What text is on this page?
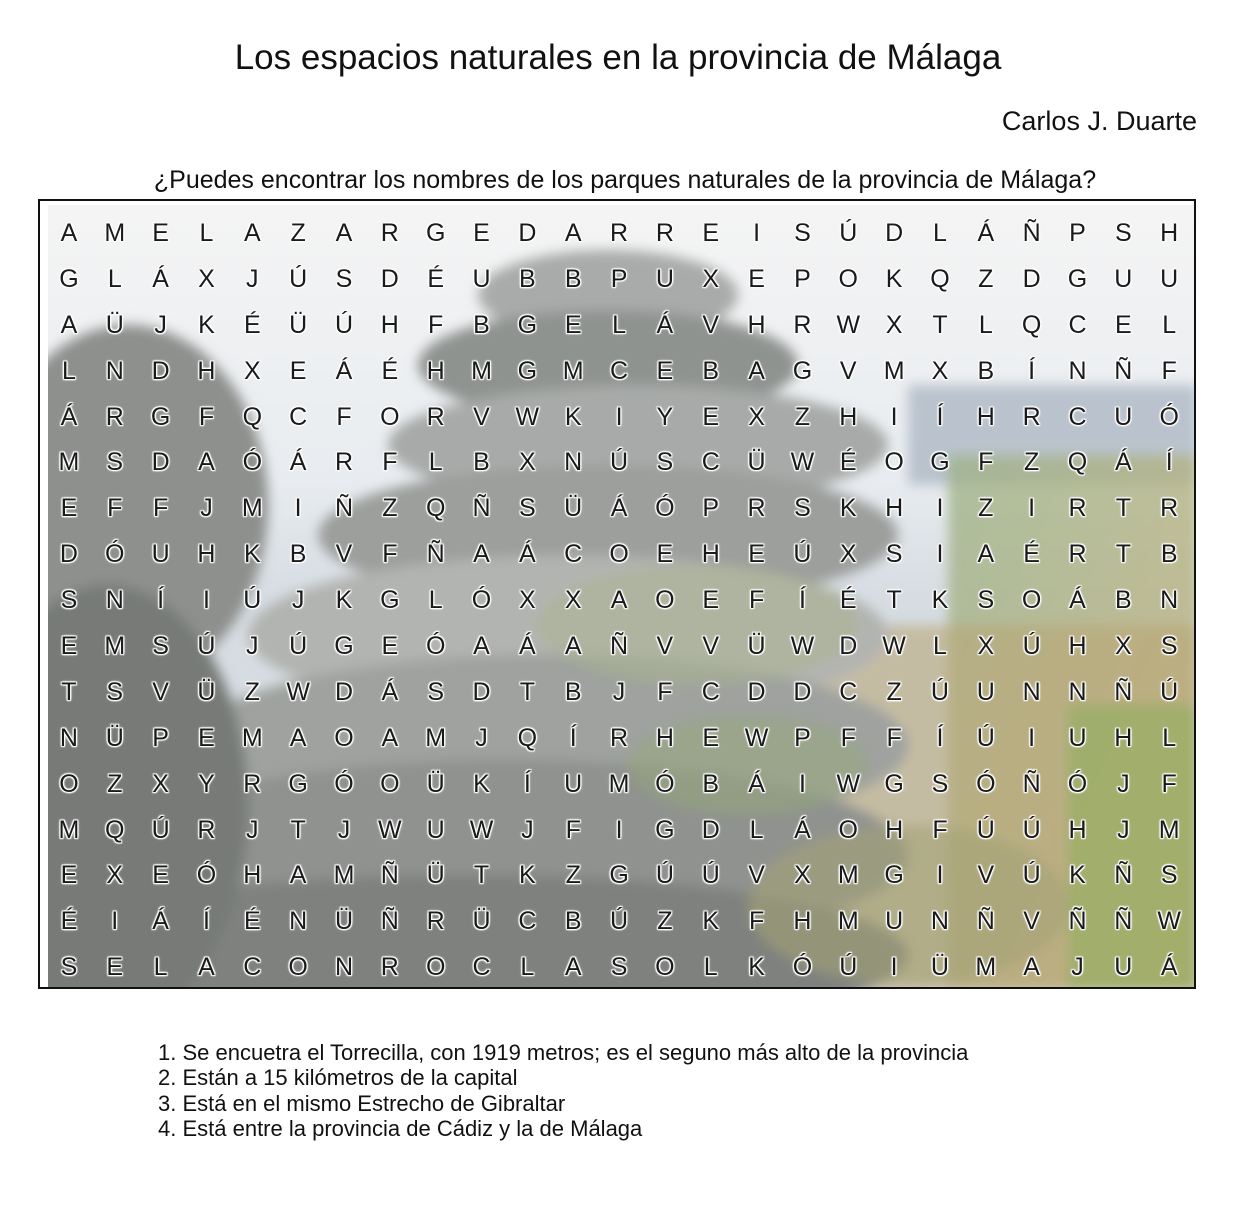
Los espacios naturales en la provincia de Málaga
Carlos J. Duarte
¿Puedes encontrar los nombres de los parques naturales de la provincia de Málaga?
A	M	E	L	A	Z	A	R	G	E	D	A	R	R	E	I	S	Ú	D	L	Á	Ñ	P	S	H
G	L	Á	X	J	Ú	S	D	É	U	B	B	P	U	X	E	P	O	K	Q	Z	D	G	U	U
A	Ü	J	K	É	Ü	Ú	H	F	B	G	E	L	Á	V	H	R	W	X	T	L	Q	C	E	L
L	N	D	H	X	E	Á	É	H	M	G	M	C	E	B	A	G	V	M	X	B	Í	N	Ñ	F
Á	R	G	F	Q	C	F	O	R	V	W	K	I	Y	E	X	Z	H	I	Í	H	R	C	U	Ó
M	S	D	A	Ó	Á	R	F	L	B	X	N	Ú	S	C	Ü	W	É	O	G	F	Z	Q	Á	Í
E	F	F	J	M	I	Ñ	Z	Q	Ñ	S	Ü	Á	Ó	P	R	S	K	H	I	Z	I	R	T	R
D	Ó	U	H	K	B	V	F	Ñ	A	Á	C	O	E	H	E	Ú	X	S	I	A	É	R	T	B
S	N	Í	I	Ú	J	K	G	L	Ó	X	X	A	O	E	F	Í	É	T	K	S	O	Á	B	N
E	M	S	Ú	J	Ú	G	E	Ó	A	Á	A	Ñ	V	V	Ü	W	D	W	L	X	Ú	H	X	S
T	S	V	Ü	Z	W	D	Á	S	D	T	B	J	F	C	D	D	C	Z	Ú	U	N	N	Ñ	Ú
N	Ü	P	E	M	A	O	A	M	J	Q	Í	R	H	E	W	P	F	F	Í	Ú	I	U	H	L
O	Z	X	Y	R	G	Ó	O	Ü	K	Í	U	M	Ó	B	Á	I	W G	S	Ó	Ñ	Ó	J	F
M	Q	Ú	R	J	T	J	W	U	W	J	F	I	G	D	L	Á	O	H	F	Ú	Ú	H	J	M
E	X	E	Ó	H	A	M	Ñ	Ü	T	K	Z	G	Ú	Ú	V	X	M	G	I	V	Ú	K	Ñ	S
É	I	Á	Í	É	N	Ü	Ñ	R	Ü	C	B	Ú	Z	K	F	H	M	U	N	Ñ	V	Ñ	Ñ	W
S	E	L	A	C	O	N	R	O	C	L	A	S	O	L	K	Ó	Ú	I	Ü	M	A	J	U	Á
1. Se encuetra el Torrecilla, con 1919 metros; es el seguno más alto de la provincia
2. Están a 15 kilómetros de la capital
3. Está en el mismo Estrecho de Gibraltar
4. Está entre la provincia de Cádiz y la de Málaga
